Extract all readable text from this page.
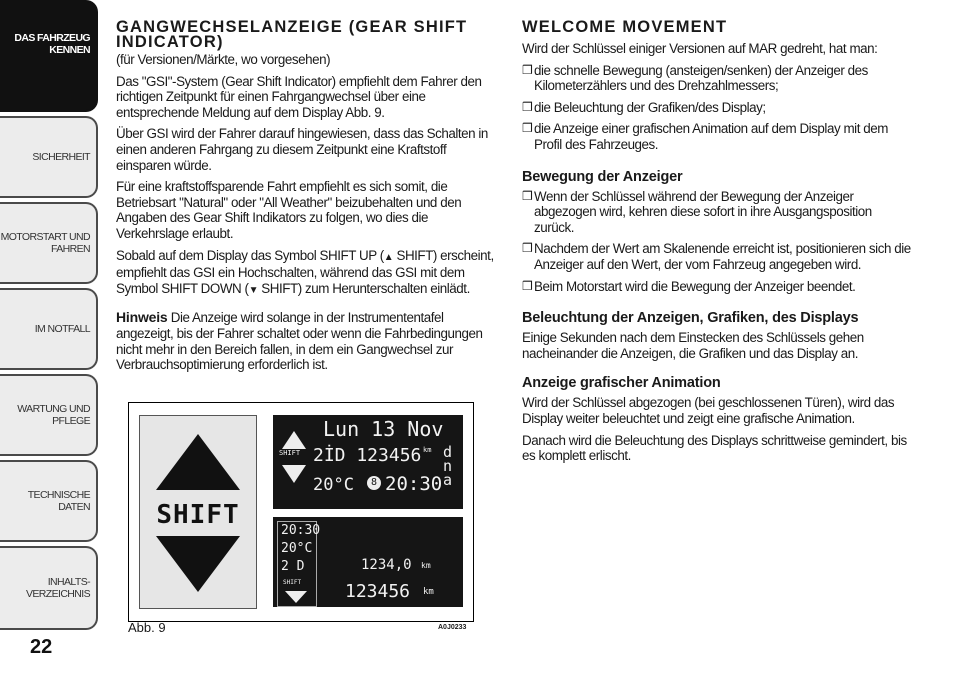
DAS FAHRZEUG
KENNEN
SICHERHEIT
MOTORSTART UND
FAHREN
IM NOTFALL
WARTUNG UND
PFLEGE
TECHNISCHE DATEN
INHALTS-
VERZEICHNIS
22
GANGWECHSELANZEIGE (GEAR SHIFT INDICATOR)

(für Versionen/Märkte, wo vorgesehen)

Das "GSI"-System (Gear Shift Indicator) empfiehlt dem Fahrer den richtigen Zeitpunkt für einen Fahrgangwechsel über eine entsprechende Meldung auf dem Display Abb. 9.

Über GSI wird der Fahrer darauf hingewiesen, dass das Schalten in einen anderen Fahrgang zu diesem Zeitpunkt eine Kraftstoff einsparen würde.

Für eine kraftstoffsparende Fahrt empfiehlt es sich somit, die Betriebsart "Natural" oder "All Weather" beizubehalten und den Angaben des Gear Shift Indikators zu folgen, wo dies die Verkehrslage erlaubt.

Sobald auf dem Display das Symbol SHIFT UP (▲ SHIFT) erscheint, empfiehlt das GSI ein Hochschalten, während das GSI mit dem Symbol SHIFT DOWN (▼ SHIFT) zum Herunterschalten einlädt.

Hinweis Die Anzeige wird solange in der Instrumententafel angezeigt, bis der Fahrer schaltet oder wenn die Fahrbedingungen nicht mehr in den Bereich fallen, in dem ein Gangwechsel zur Verbrauchsoptimierung erforderlich ist.

SHIFT
SHIFT
Lun 13 Nov
2İD 123456 km
20°C	8 20:30
d
n
a
20:30
20°C
2 D
SHIFT
1234,0 km
123456 km
Abb. 9	A0J0233
WELCOME MOVEMENT

Wird der Schlüssel einiger Versionen auf MAR gedreht, hat man:

❒ die schnelle Bewegung (ansteigen/senken) der Anzeiger des Kilometerzählers und des Drehzahlmessers;
❒ die Beleuchtung der Grafiken/des Display;
❒ die Anzeige einer grafischen Animation auf dem Display mit dem Profil des Fahrzeuges.
Bewegung der Anzeiger
❒ Wenn der Schlüssel während der Bewegung der Anzeiger abgezogen wird, kehren diese sofort in ihre Ausgangsposition zurück.
❒ Nachdem der Wert am Skalenende erreicht ist, positionieren sich die Anzeiger auf den Wert, der vom Fahrzeug angegeben wird.
❒ Beim Motorstart wird die Bewegung der Anzeiger beendet.
Beleuchtung der Anzeigen, Grafiken, des Displays

Einige Sekunden nach dem Einstecken des Schlüssels gehen nacheinander die Anzeigen, die Grafiken und das Display an.

Anzeige grafischer Animation

Wird der Schlüssel abgezogen (bei geschlossenen Türen), wird das Display weiter beleuchtet und zeigt eine grafische Animation.

Danach wird die Beleuchtung des Displays schrittweise gemindert, bis es komplett erlischt.
